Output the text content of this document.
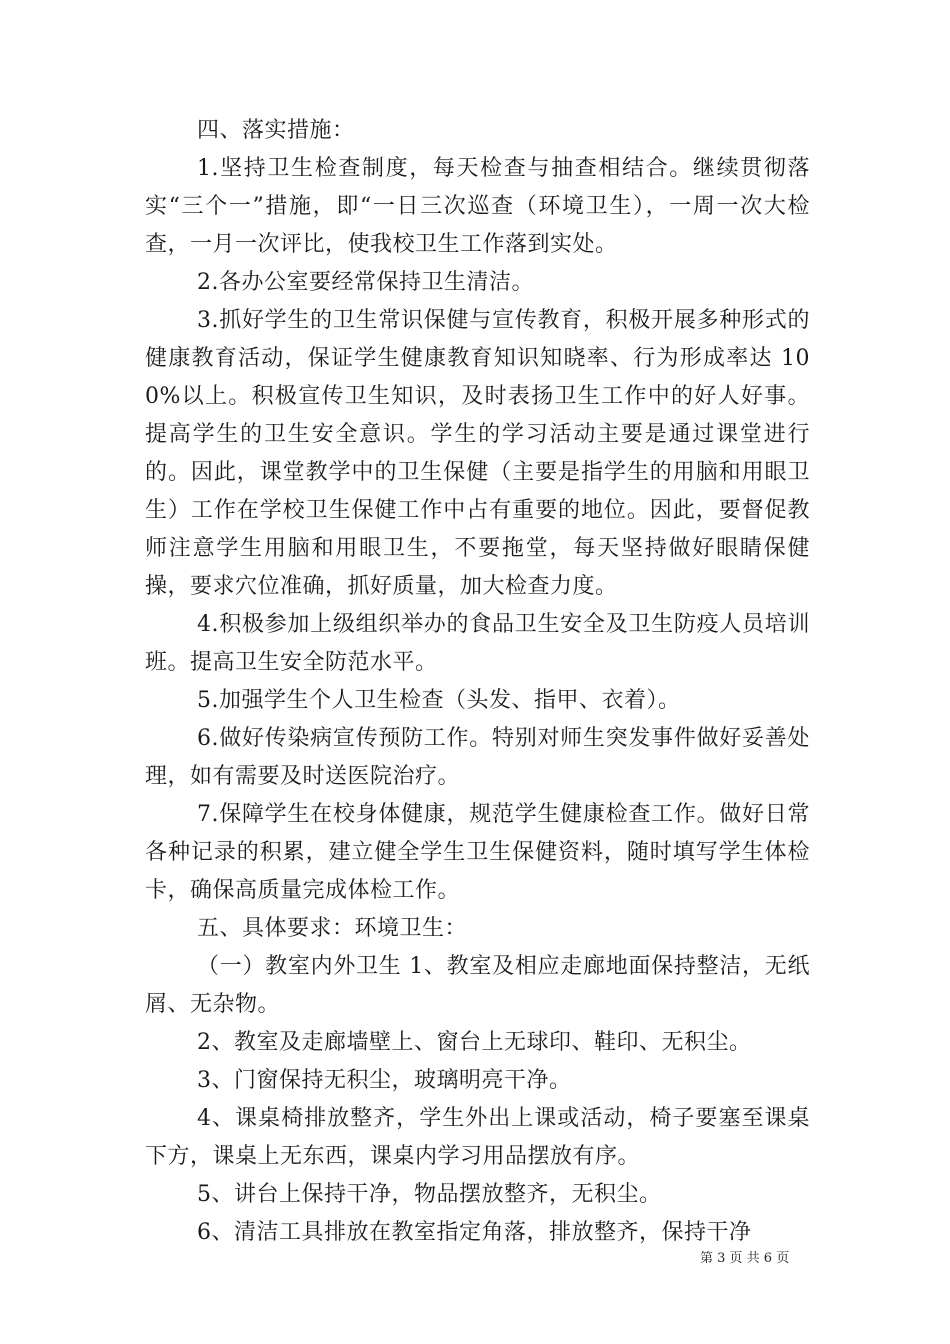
四、落实措施：

1.坚持卫生检查制度，每天检查与抽查相结合。继续贯彻落实“三个一”措施，即“一日三次巡查（环境卫生），一周一次大检查，一月一次评比，使我校卫生工作落到实处。

2.各办公室要经常保持卫生清洁。

3.抓好学生的卫生常识保健与宣传教育，积极开展多种形式的健康教育活动，保证学生健康教育知识知晓率、行为形成率达 100%以上。积极宣传卫生知识，及时表扬卫生工作中的好人好事。提高学生的卫生安全意识。学生的学习活动主要是通过课堂进行的。因此，课堂教学中的卫生保健（主要是指学生的用脑和用眼卫生）工作在学校卫生保健工作中占有重要的地位。因此，要督促教师注意学生用脑和用眼卫生，不要拖堂，每天坚持做好眼睛保健操，要求穴位准确，抓好质量，加大检查力度。

4.积极参加上级组织举办的食品卫生安全及卫生防疫人员培训班。提高卫生安全防范水平。

5.加强学生个人卫生检查（头发、指甲、衣着）。

6.做好传染病宣传预防工作。特别对师生突发事件做好妥善处理，如有需要及时送医院治疗。

7.保障学生在校身体健康，规范学生健康检查工作。做好日常各种记录的积累，建立健全学生卫生保健资料，随时填写学生体检卡，确保高质量完成体检工作。

五、具体要求：环境卫生：

（一）教室内外卫生 1、教室及相应走廊地面保持整洁，无纸屑、无杂物。

2、教室及走廊墙壁上、窗台上无球印、鞋印、无积尘。

3、门窗保持无积尘，玻璃明亮干净。

4、课桌椅排放整齐，学生外出上课或活动，椅子要塞至课桌下方，课桌上无东西，课桌内学习用品摆放有序。

5、讲台上保持干净，物品摆放整齐，无积尘。

6、清洁工具排放在教室指定角落，排放整齐，保持干净

第 3 页 共 6 页
